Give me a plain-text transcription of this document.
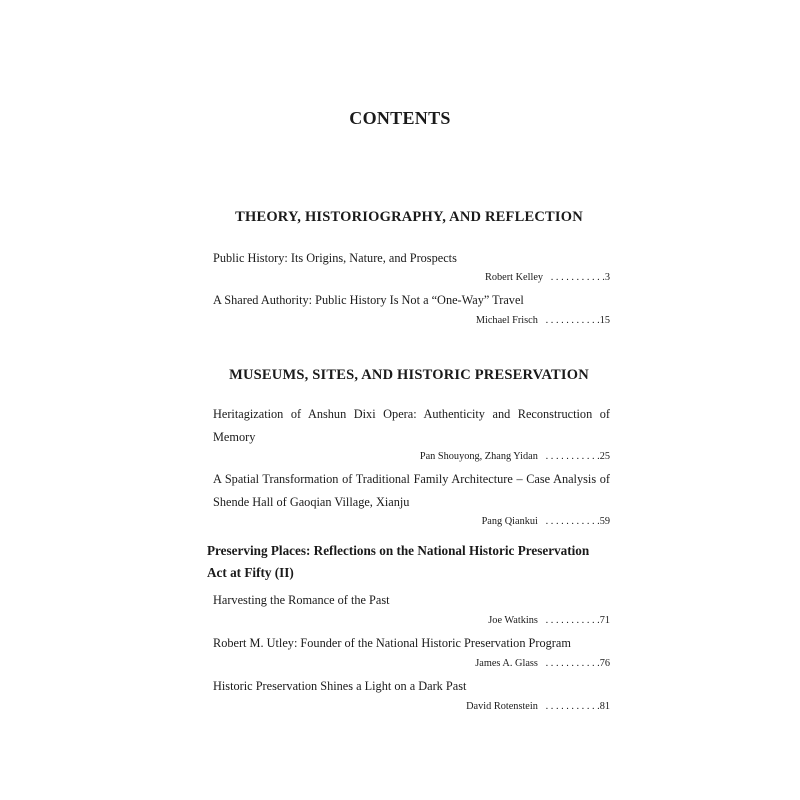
CONTENTS
THEORY, HISTORIOGRAPHY, AND REFLECTION
Public History: Its Origins, Nature, and Prospects
Robert Kelley . . . . . . . . . . .3
A Shared Authority: Public History Is Not a “One-Way” Travel
Michael Frisch . . . . . . . . . . .15
MUSEUMS, SITES, AND HISTORIC PRESERVATION
Heritagization of Anshun Dixi Opera: Authenticity and Reconstruction of Memory
Pan Shouyong, Zhang Yidan . . . . . . . . . . .25
A Spatial Transformation of Traditional Family Architecture – Case Analysis of Shende Hall of Gaoqian Village, Xianju
Pang Qiankui . . . . . . . . . . .59
Preserving Places: Reflections on the National Historic Preservation Act at Fifty (II)
Harvesting the Romance of the Past
Joe Watkins . . . . . . . . . . .71
Robert M. Utley: Founder of the National Historic Preservation Program
James A. Glass . . . . . . . . . . .76
Historic Preservation Shines a Light on a Dark Past
David Rotenstein . . . . . . . . . . .81
